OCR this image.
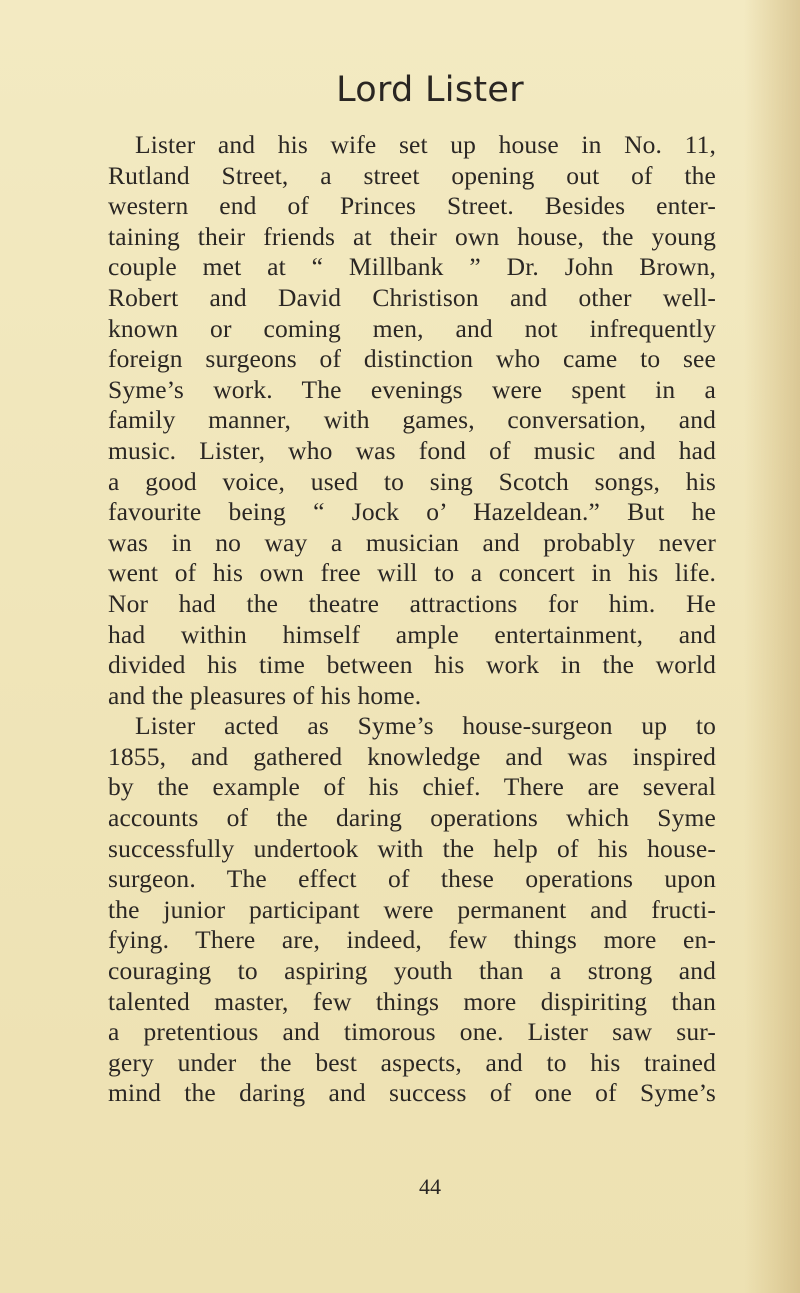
Lord Lister
Lister and his wife set up house in No. 11,
Rutland Street, a street opening out of the
western end of Princes Street. Besides enter-
taining their friends at their own house, the young
couple met at “ Millbank ” Dr. John Brown,
Robert and David Christison and other well-
known or coming men, and not infrequently
foreign surgeons of distinction who came to see
Syme’s work. The evenings were spent in a
family manner, with games, conversation, and
music. Lister, who was fond of music and had
a good voice, used to sing Scotch songs, his
favourite being “ Jock o’ Hazeldean.” But he
was in no way a musician and probably never
went of his own free will to a concert in his life.
Nor had the theatre attractions for him. He
had within himself ample entertainment, and
divided his time between his work in the world
and the pleasures of his home.
Lister acted as Syme’s house-surgeon up to
1855, and gathered knowledge and was inspired
by the example of his chief. There are several
accounts of the daring operations which Syme
successfully undertook with the help of his house-
surgeon. The effect of these operations upon
the junior participant were permanent and fructi-
fying. There are, indeed, few things more en-
couraging to aspiring youth than a strong and
talented master, few things more dispiriting than
a pretentious and timorous one. Lister saw sur-
gery under the best aspects, and to his trained
mind the daring and success of one of Syme’s
44
